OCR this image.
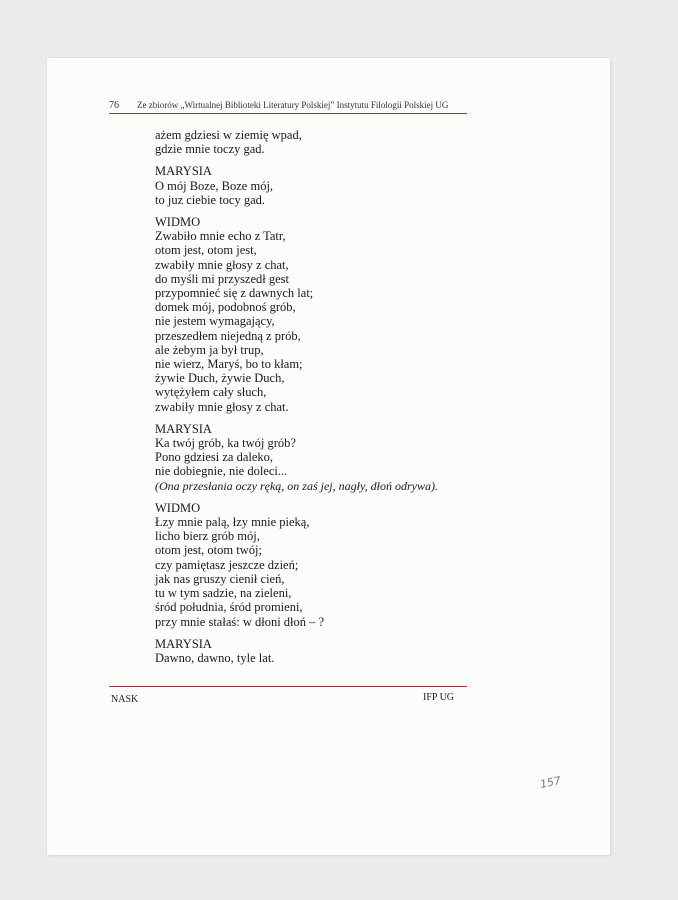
76 Ze zbiorów „Wirtualnej Biblioteki Literatury Polskiej” Instytutu Filologii Polskiej UG
ażem gdziesi w ziemię wpad,
gdzie mnie toczy gad.
MARYSIA
O mój Boze, Boze mój,
to juz ciebie tocy gad.
WIDMO
Zwabiło mnie echo z Tatr,
otom jest, otom jest,
zwabiły mnie głosy z chat,
do myśli mi przyszedł gest
przypomnieć się z dawnych lat;
domek mój, podobnoś grób,
nie jestem wymagający,
przeszedłem niejedną z prób,
ale żebym ja był trup,
nie wierz, Maryś, bo to kłam;
żywie Duch, żywie Duch,
wytężyłem cały słuch,
zwabiły mnie głosy z chat.
MARYSIA
Ka twój grób, ka twój grób?
Pono gdziesi za daleko,
nie dobiegnie, nie doleci...
(Ona przesłania oczy ręką, on zaś jej, nagły, dłoń odrywa).
WIDMO
Łzy mnie palą, łzy mnie pieką,
licho bierz grób mój,
otom jest, otom twój;
czy pamiętasz jeszcze dzień;
jak nas gruszy cienił cień,
tu w tym sadzie, na zieleni,
śród południa, śród promieni,
przy mnie stałaś: w dłoni dłoń – ?
MARYSIA
Dawno, dawno, tyle lat.
NASK	IFP UG
157
